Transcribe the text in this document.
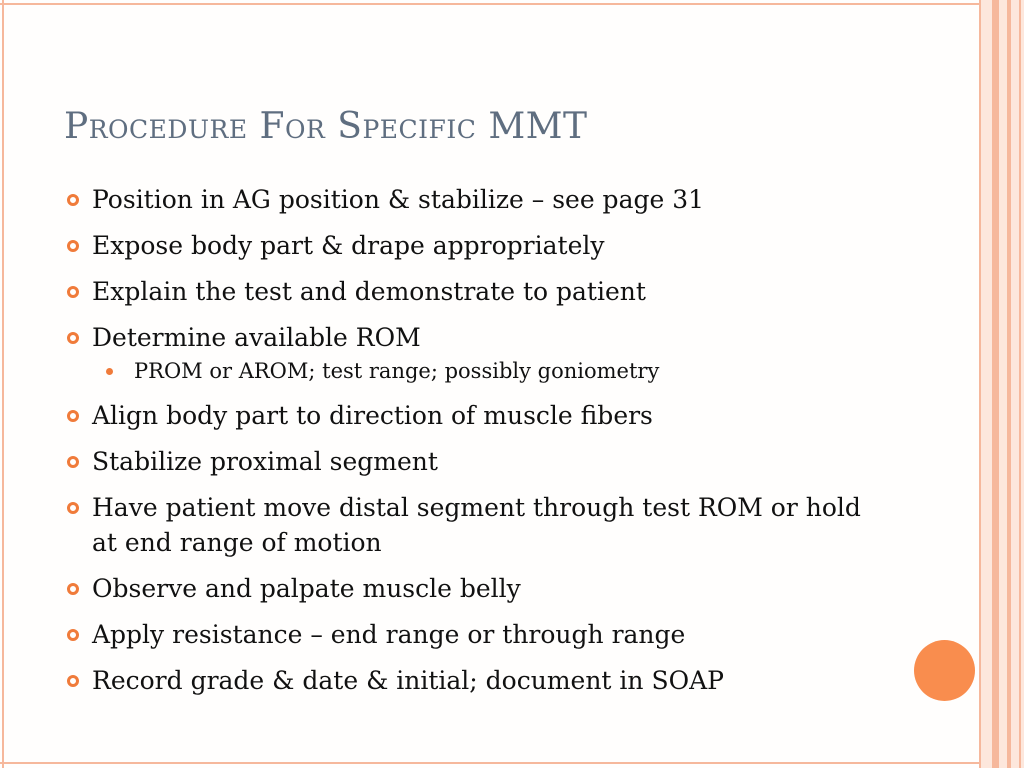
Procedure For Specific MMT
Position in AG position & stabilize – see page 31
Expose body part & drape appropriately
Explain the test and demonstrate to patient
Determine available ROM
PROM or AROM; test range; possibly goniometry
Align body part to direction of muscle fibers
Stabilize proximal segment
Have patient move distal segment through test ROM or hold at end range of motion
Observe and palpate muscle belly
Apply resistance – end range or through range
Record grade & date & initial; document in SOAP
